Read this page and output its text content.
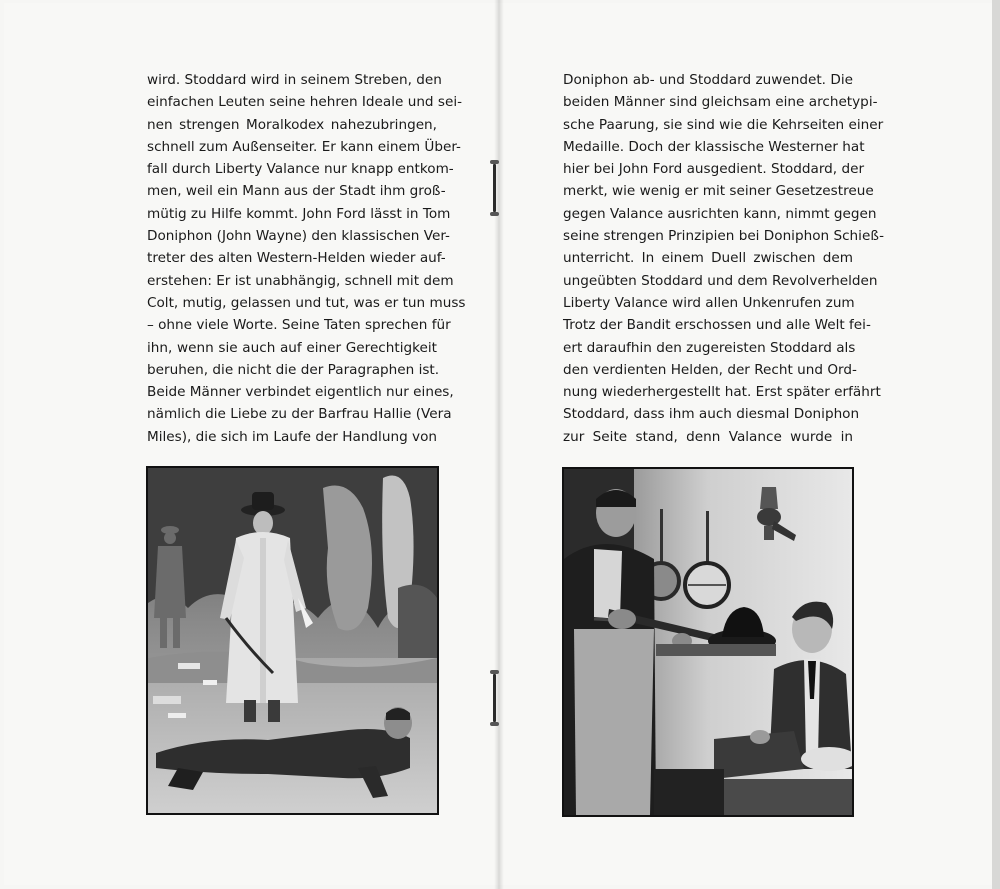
wird. Stoddard wird in seinem Streben, den
einfachen Leuten seine hehren Ideale und sei-
nen strengen Moralkodex nahezubringen,
schnell zum Außenseiter. Er kann einem Über-
fall durch Liberty Valance nur knapp entkom-
men, weil ein Mann aus der Stadt ihm groß-
mütig zu Hilfe kommt. John Ford lässt in Tom
Doniphon (John Wayne) den klassischen Ver-
treter des alten Western-Helden wieder auf-
erstehen: Er ist unabhängig, schnell mit dem
Colt, mutig, gelassen und tut, was er tun muss
– ohne viele Worte. Seine Taten sprechen für
ihn, wenn sie auch auf einer Gerechtigkeit
beruhen, die nicht die der Paragraphen ist.
Beide Männer verbindet eigentlich nur eines,
nämlich die Liebe zu der Barfrau Hallie (Vera
Miles), die sich im Laufe der Handlung von
Doniphon ab- und Stoddard zuwendet. Die
beiden Männer sind gleichsam eine archetypi-
sche Paarung, sie sind wie die Kehrseiten einer
Medaille. Doch der klassische Westerner hat
hier bei John Ford ausgedient. Stoddard, der
merkt, wie wenig er mit seiner Gesetzestreue
gegen Valance ausrichten kann, nimmt gegen
seine strengen Prinzipien bei Doniphon Schieß-
unterricht. In einem Duell zwischen dem
ungeübten Stoddard und dem Revolverhelden
Liberty Valance wird allen Unkenrufen zum
Trotz der Bandit erschossen und alle Welt fei-
ert daraufhin den zugereisten Stoddard als
den verdienten Helden, der Recht und Ord-
nung wiederhergestellt hat. Erst später erfährt
Stoddard, dass ihm auch diesmal Doniphon
zur Seite stand, denn Valance wurde in
